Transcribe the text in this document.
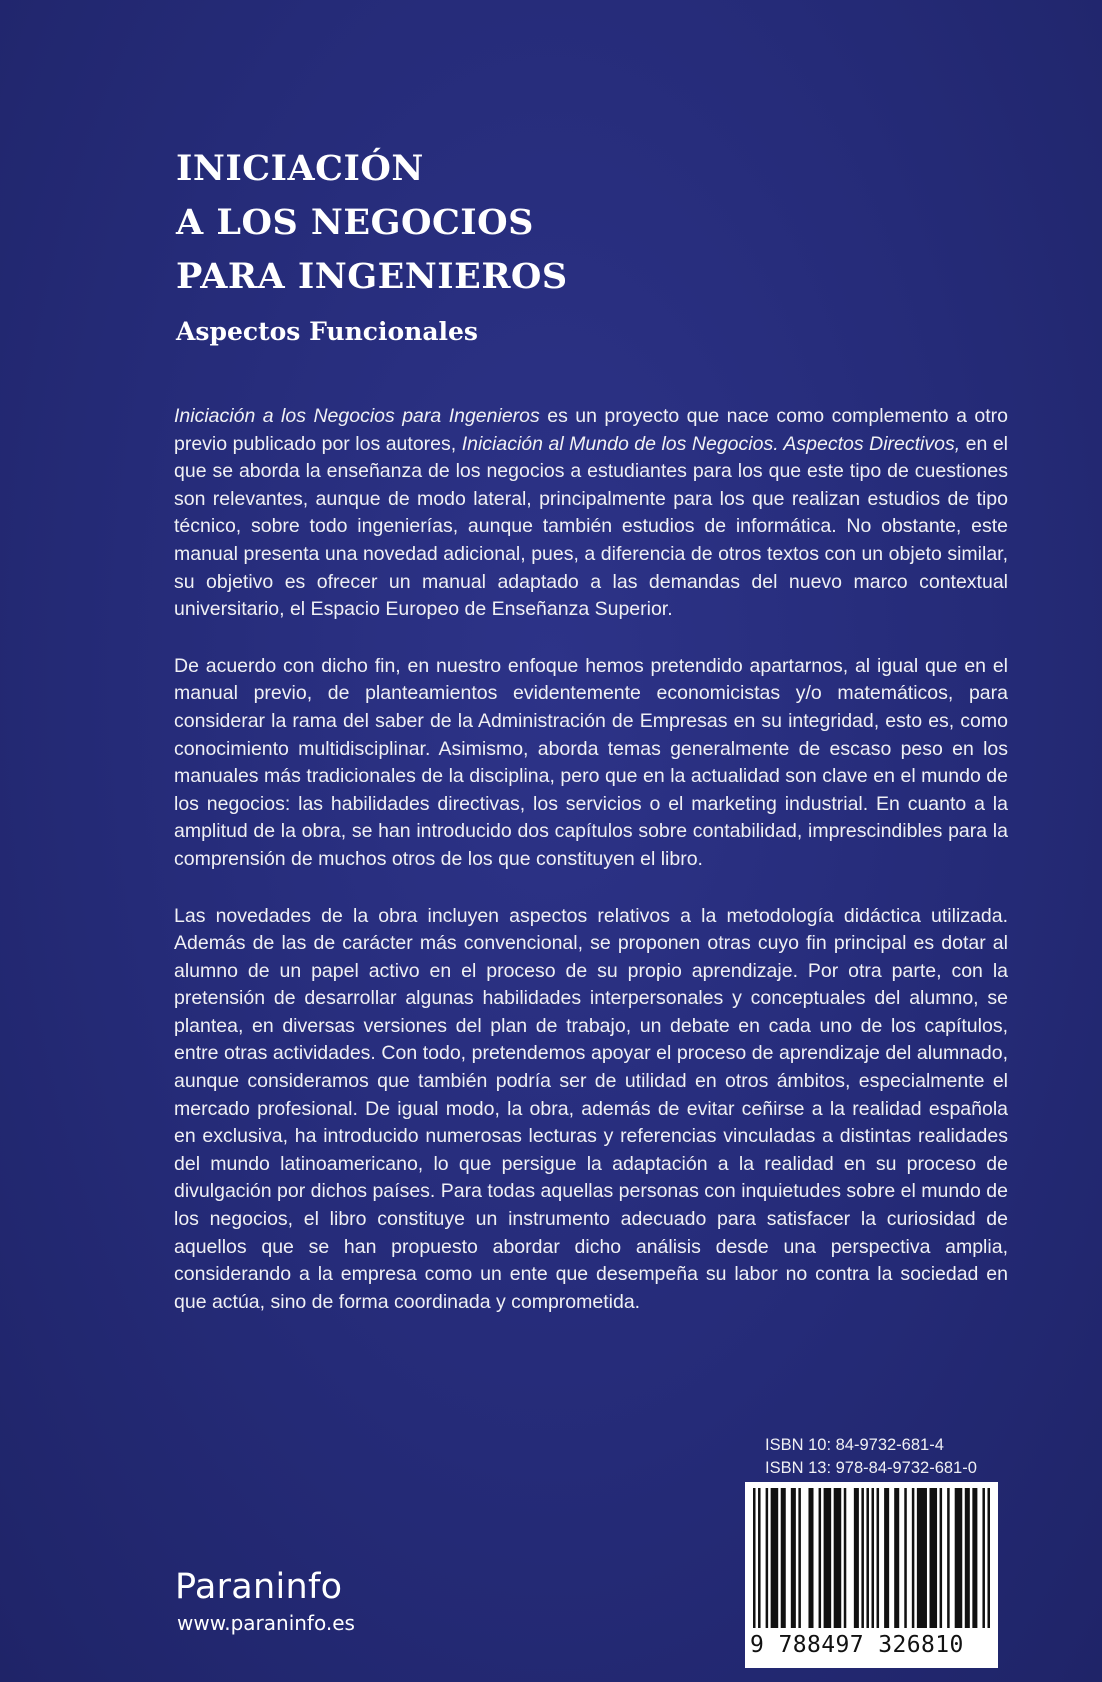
INICIACIÓN
A LOS NEGOCIOS
PARA INGENIEROS
Aspectos Funcionales

Iniciación a los Negocios para Ingenieros es un proyecto que nace como complemento a otro previo publicado por los autores, Iniciación al Mundo de los Negocios. Aspectos Directivos, en el que se aborda la enseñanza de los negocios a estudiantes para los que este tipo de cuestiones son relevantes, aunque de modo lateral, principalmente para los que realizan estudios de tipo técnico, sobre todo ingenierías, aunque también estudios de informática. No obstante, este manual presenta una novedad adicional, pues, a diferencia de otros textos con un objeto similar, su objetivo es ofrecer un manual adaptado a las demandas del nuevo marco contextual universitario, el Espacio Europeo de Enseñanza Superior.

De acuerdo con dicho fin, en nuestro enfoque hemos pretendido apartarnos, al igual que en el manual previo, de planteamientos evidentemente economicistas y/o matemáticos, para considerar la rama del saber de la Administración de Empresas en su integridad, esto es, como conocimiento multidisciplinar. Asimismo, aborda temas generalmente de escaso peso en los manuales más tradicionales de la disciplina, pero que en la actualidad son clave en el mundo de los negocios: las habilidades directivas, los servicios o el marketing industrial. En cuanto a la amplitud de la obra, se han introducido dos capítulos sobre contabilidad, imprescindibles para la comprensión de muchos otros de los que constituyen el libro.

Las novedades de la obra incluyen aspectos relativos a la metodología didáctica utilizada. Además de las de carácter más convencional, se proponen otras cuyo fin principal es dotar al alumno de un papel activo en el proceso de su propio aprendizaje. Por otra parte, con la pretensión de desarrollar algunas habilidades interpersonales y conceptuales del alumno, se plantea, en diversas versiones del plan de trabajo, un debate en cada uno de los capítulos, entre otras actividades. Con todo, pretendemos apoyar el proceso de aprendizaje del alumnado, aunque consideramos que también podría ser de utilidad en otros ámbitos, especialmente el mercado profesional. De igual modo, la obra, además de evitar ceñirse a la realidad española en exclusiva, ha introducido numerosas lecturas y referencias vinculadas a distintas realidades del mundo latinoamericano, lo que persigue la adaptación a la realidad en su proceso de divulgación por dichos países. Para todas aquellas personas con inquietudes sobre el mundo de los negocios, el libro constituye un instrumento adecuado para satisfacer la curiosidad de aquellos que se han propuesto abordar dicho análisis desde una perspectiva amplia, considerando a la empresa como un ente que desempeña su labor no contra la sociedad en que actúa, sino de forma coordinada y comprometida.

ISBN 10: 84-9732-681-4
ISBN 13: 978-84-9732-681-0
9 788497 326810
Paraninfo
www.paraninfo.es
